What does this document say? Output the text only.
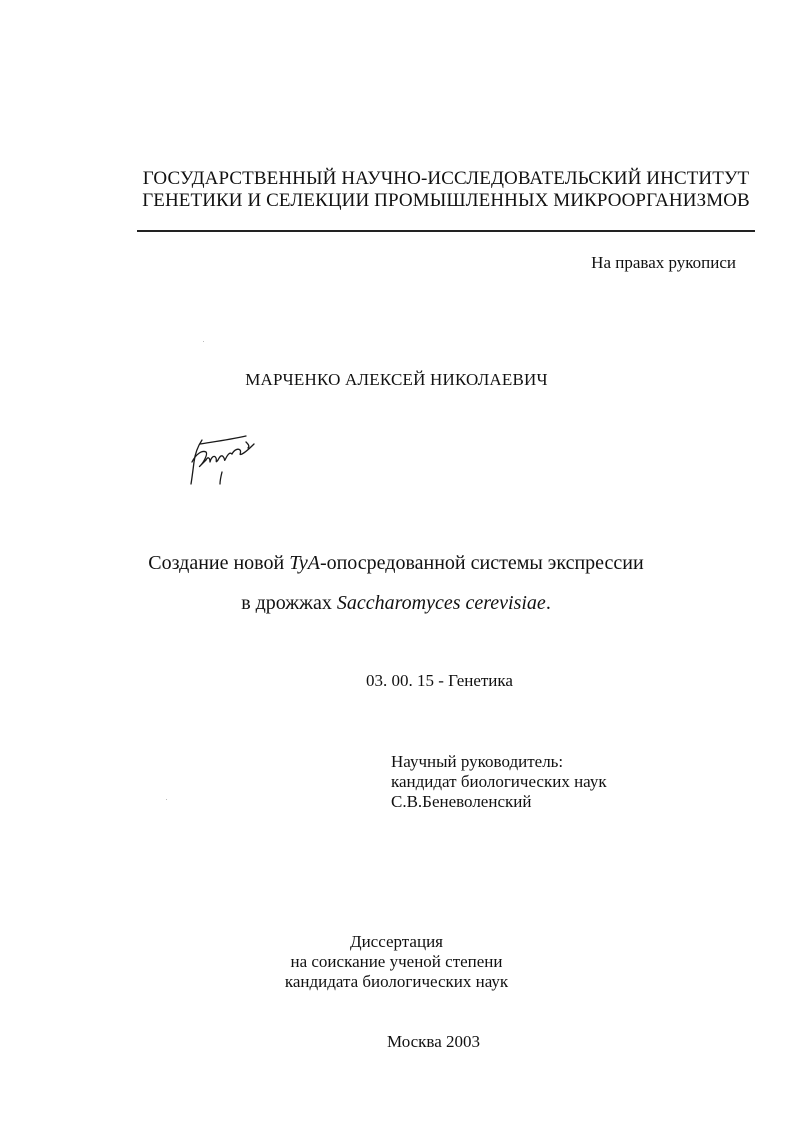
ГОСУДАРСТВЕННЫЙ НАУЧНО-ИССЛЕДОВАТЕЛЬСКИЙ ИНСТИТУТ
ГЕНЕТИКИ И СЕЛЕКЦИИ ПРОМЫШЛЕННЫХ МИКРООРГАНИЗМОВ
На правах рукописи
МАРЧЕНКО АЛЕКСЕЙ НИКОЛАЕВИЧ
Создание новой TyA-опосредованной системы экспрессии
в дрожжах Saccharomyces cerevisiae.
03. 00. 15 - Генетика
Научный руководитель:
кандидат биологических наук
С.В.Беневоленский
Диссертация
на соискание ученой степени
кандидата биологических наук
Москва 2003
